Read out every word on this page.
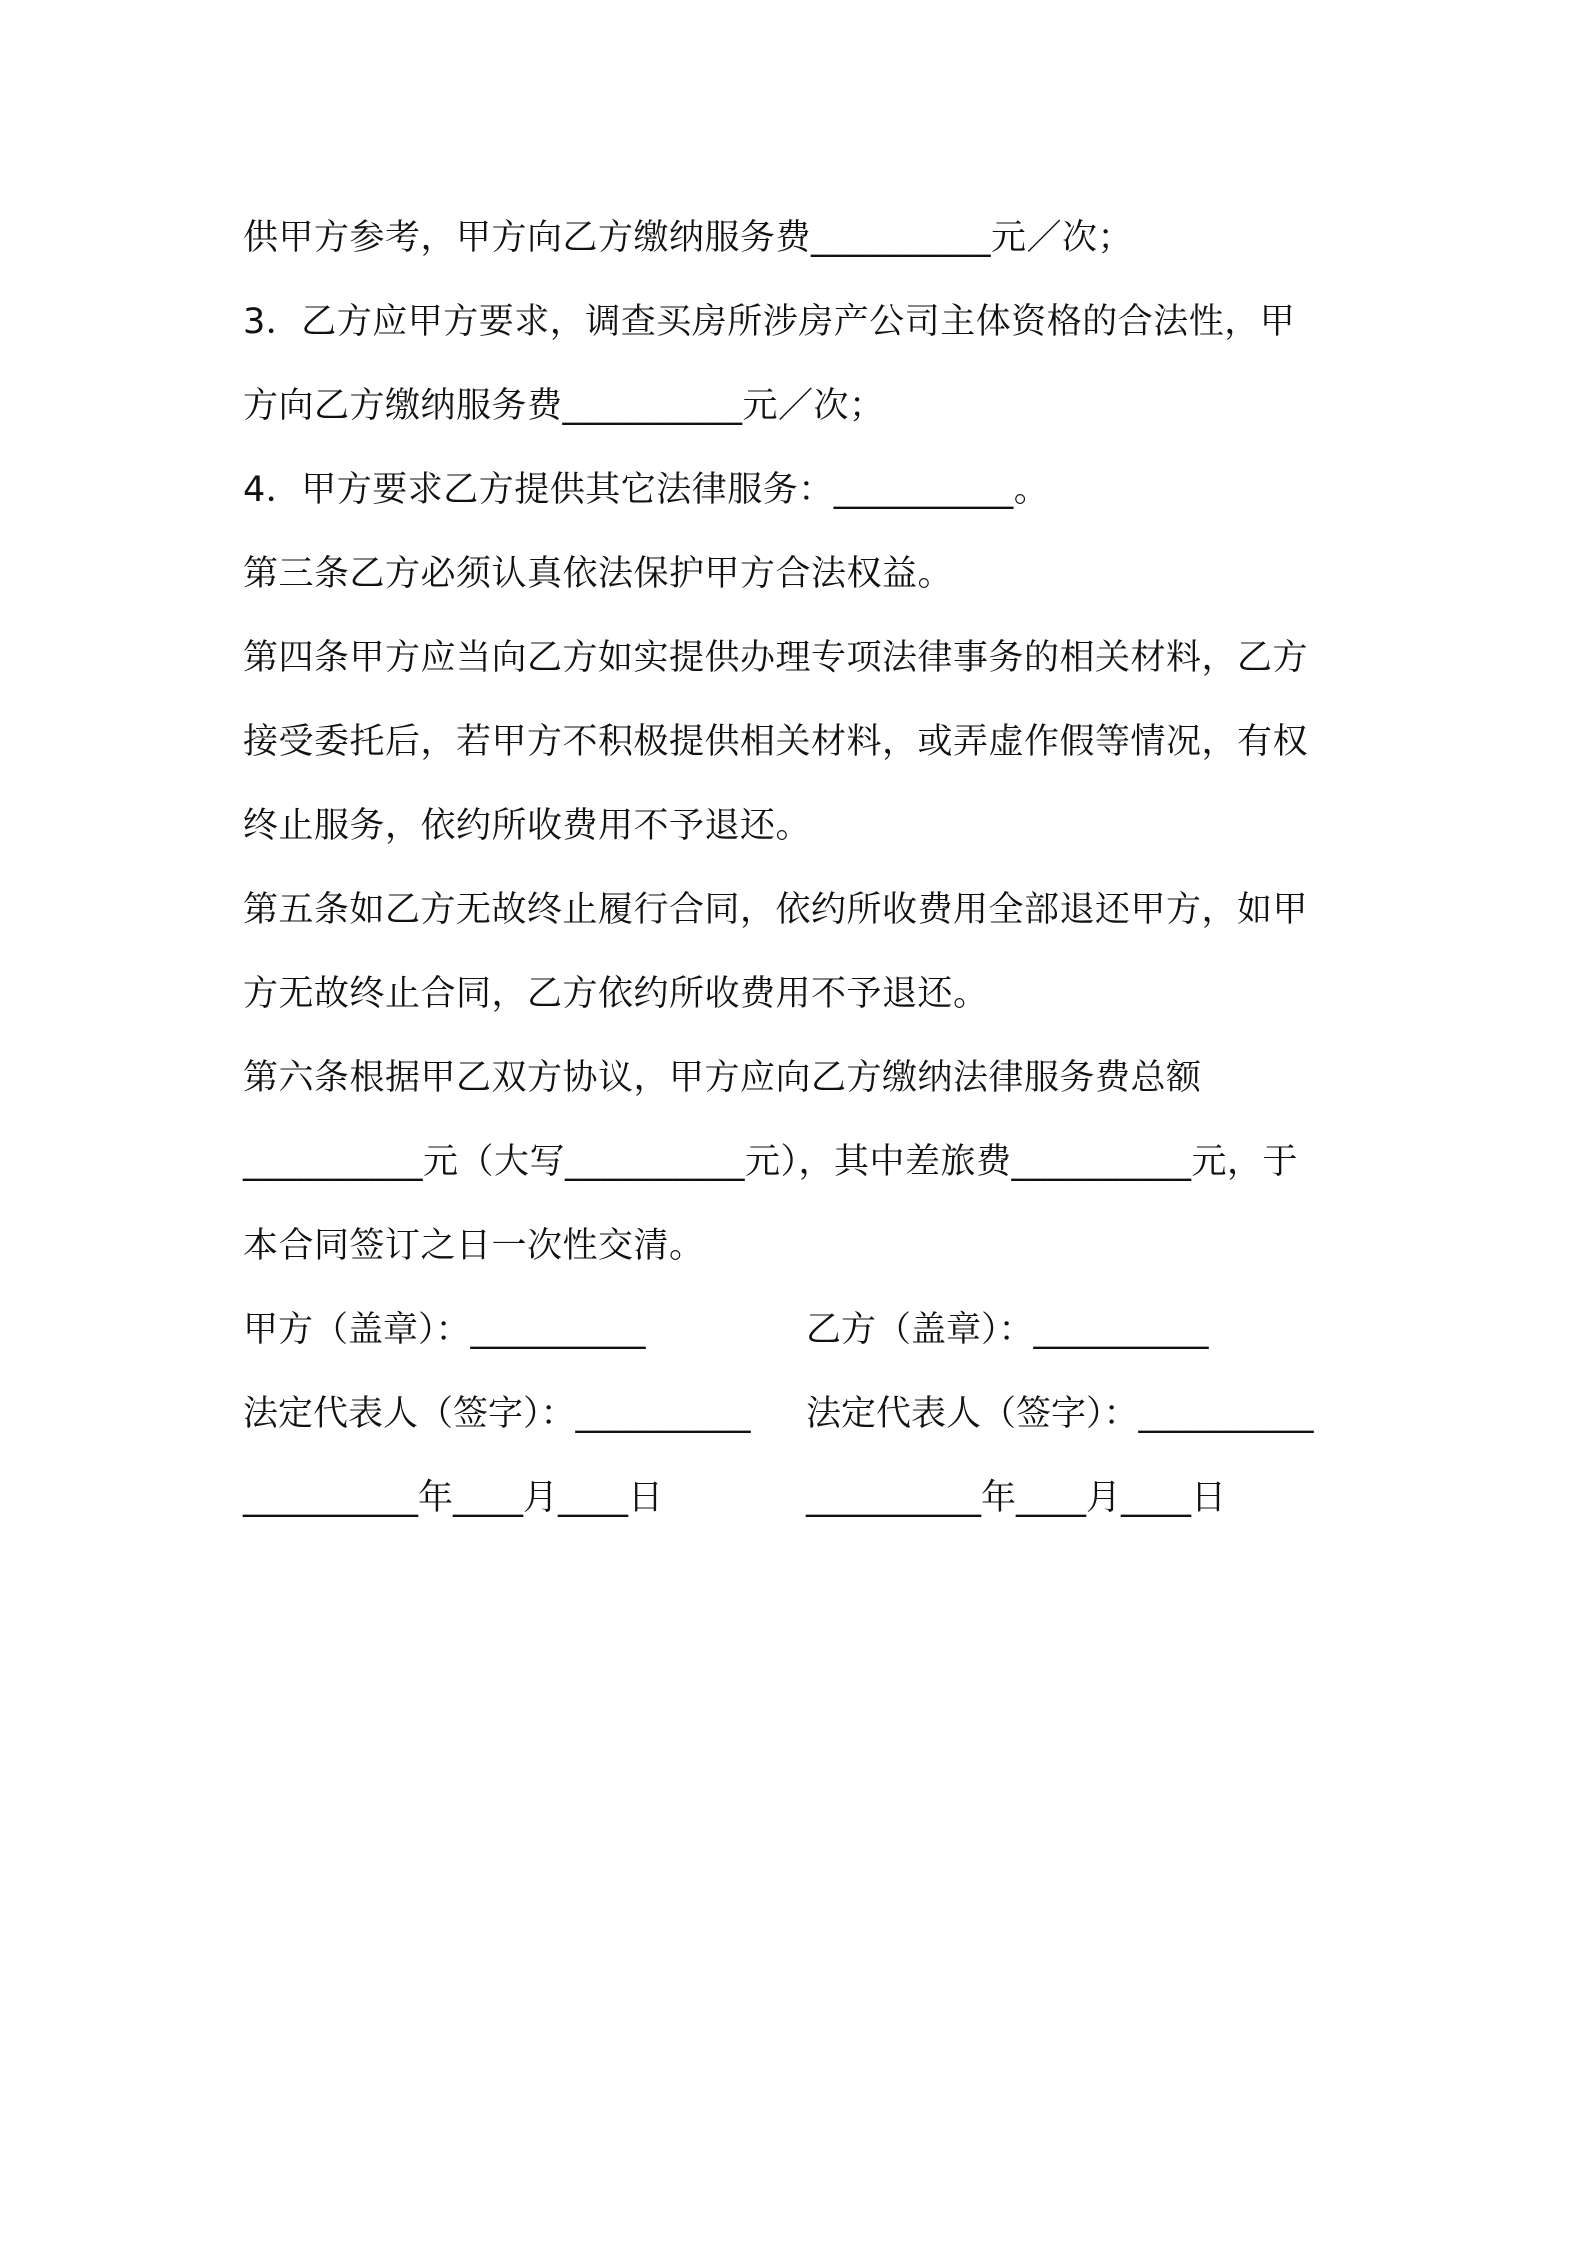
供甲方参考，甲方向乙方缴纳服务费__________元／次；
3．乙方应甲方要求，调查买房所涉房产公司主体资格的合法性，甲
方向乙方缴纳服务费__________元／次；
4．甲方要求乙方提供其它法律服务：__________。
第三条乙方必须认真依法保护甲方合法权益。
第四条甲方应当向乙方如实提供办理专项法律事务的相关材料，乙方
接受委托后，若甲方不积极提供相关材料，或弄虚作假等情况，有权
终止服务，依约所收费用不予退还。
第五条如乙方无故终止履行合同，依约所收费用全部退还甲方，如甲
方无故终止合同，乙方依约所收费用不予退还。
第六条根据甲乙双方协议，甲方应向乙方缴纳法律服务费总额
__________元（大写__________元），其中差旅费__________元，于
本合同签订之日一次性交清。
甲方（盖章）：__________	乙方（盖章）：__________
法定代表人（签字）：__________ 法定代表人（签字）：__________
__________年____月____日	__________年____月____日
